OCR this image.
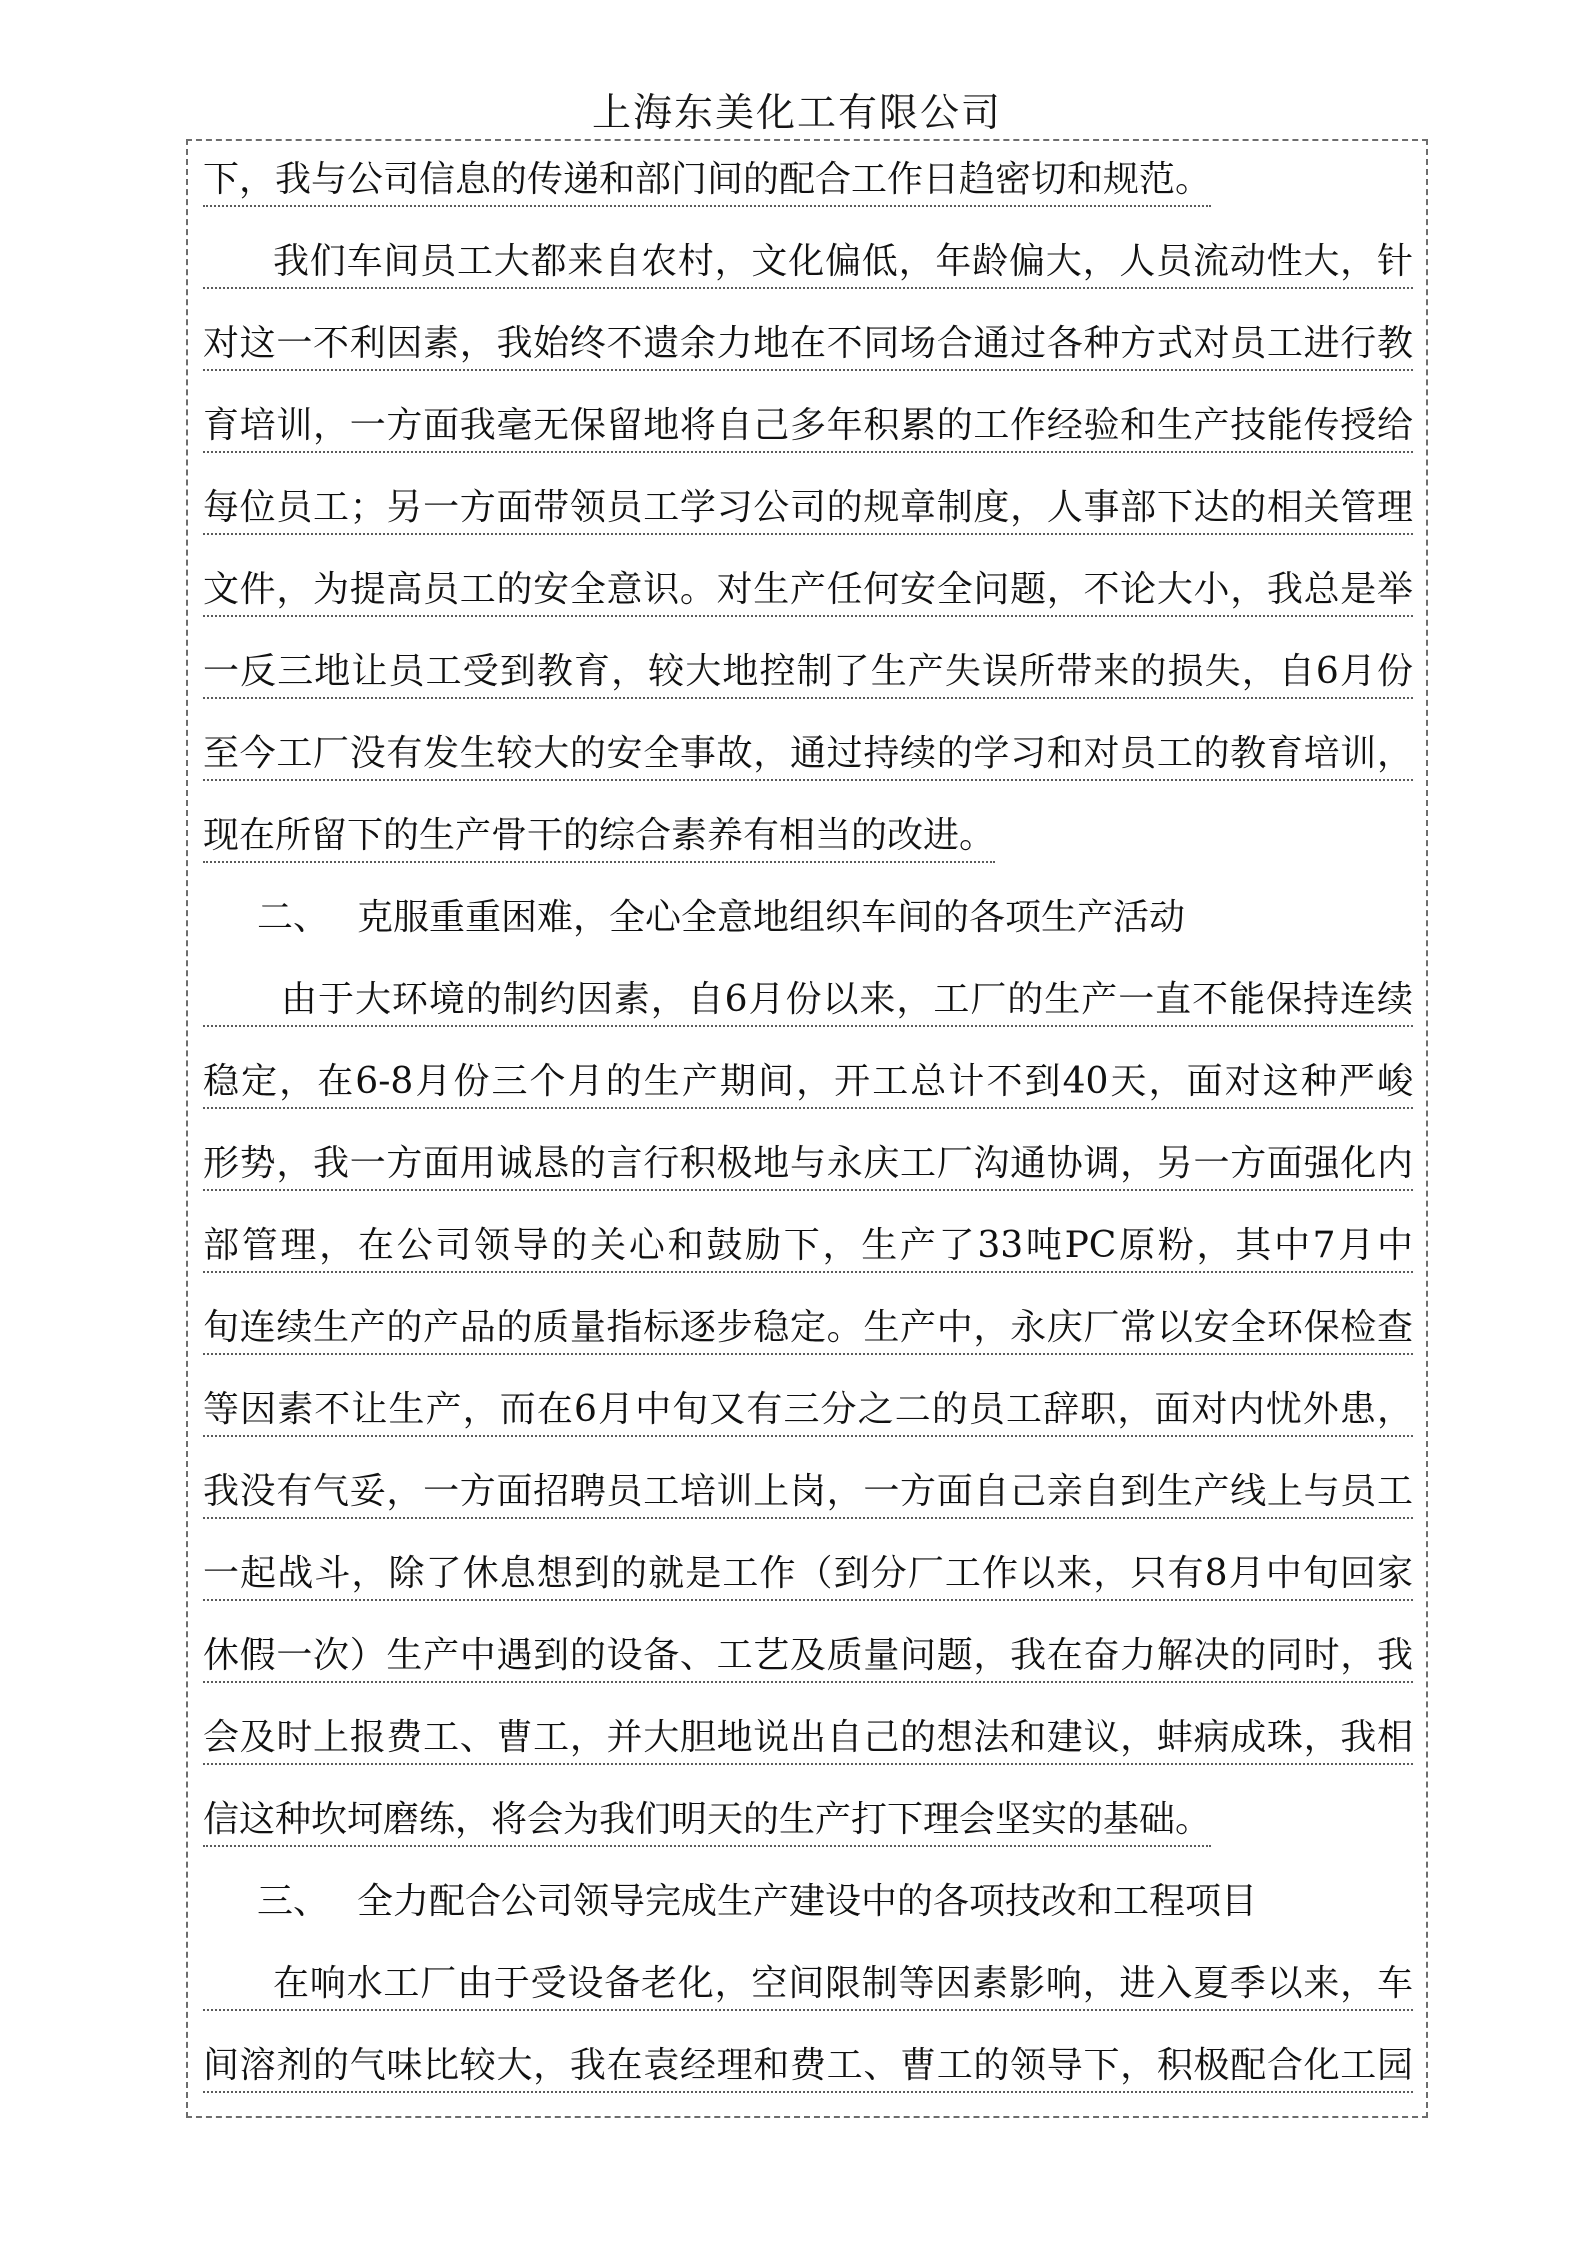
上海东美化工有限公司
下，我与公司信息的传递和部门间的配合工作日趋密切和规范。
我们车间员工大都来自农村，文化偏低，年龄偏大，人员流动性大，针
对这一不利因素，我始终不遗余力地在不同场合通过各种方式对员工进行教
育培训，一方面我毫无保留地将自己多年积累的工作经验和生产技能传授给
每位员工；另一方面带领员工学习公司的规章制度，人事部下达的相关管理
文件，为提高员工的安全意识。对生产任何安全问题，不论大小，我总是举
一反三地让员工受到教育，较大地控制了生产失误所带来的损失，自6月份
至今工厂没有发生较大的安全事故，通过持续的学习和对员工的教育培训，
现在所留下的生产骨干的综合素养有相当的改进。
二、 克服重重困难，全心全意地组织车间的各项生产活动
由于大环境的制约因素，自6月份以来，工厂的生产一直不能保持连续
稳定，在6-8月份三个月的生产期间，开工总计不到40天，面对这种严峻
形势，我一方面用诚恳的言行积极地与永庆工厂沟通协调，另一方面强化内
部管理，在公司领导的关心和鼓励下，生产了33吨PC原粉，其中7月中
旬连续生产的产品的质量指标逐步稳定。生产中，永庆厂常以安全环保检查
等因素不让生产，而在6月中旬又有三分之二的员工辞职，面对内忧外患，
我没有气妥，一方面招聘员工培训上岗，一方面自己亲自到生产线上与员工
一起战斗，除了休息想到的就是工作（到分厂工作以来，只有8月中旬回家
休假一次）生产中遇到的设备、工艺及质量问题，我在奋力解决的同时，我
会及时上报费工、曹工，并大胆地说出自己的想法和建议，蚌病成珠，我相
信这种坎坷磨练，将会为我们明天的生产打下理会坚实的基础。
三、 全力配合公司领导完成生产建设中的各项技改和工程项目
在响水工厂由于受设备老化，空间限制等因素影响，进入夏季以来，车
间溶剂的气味比较大，我在袁经理和费工、曹工的领导下，积极配合化工园
